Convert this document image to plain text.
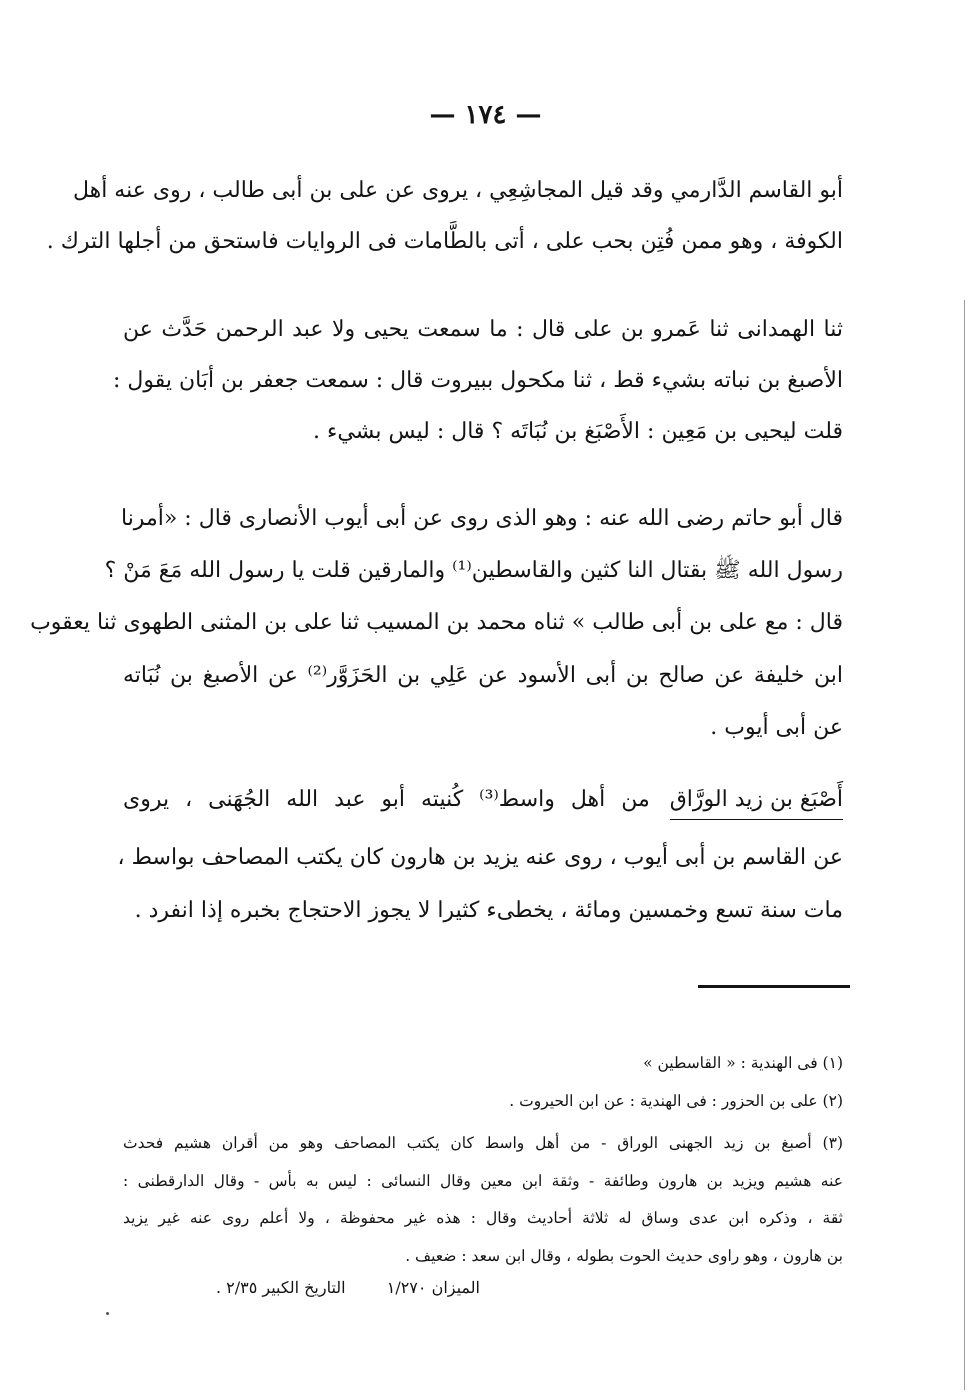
— ١٧٤ —
أبو القاسم الدَّارمي وقد قيل المجاشِعِي ، يروى عن على بن أبى طالب ، روى عنه أهل
الكوفة ، وهو ممن فُتِن بحب على ، أتى بالطَّامات فى الروايات فاستحق من أجلها الترك .
ثنا الهمدانى ثنا عَمرو بن على قال : ما سمعت يحيى ولا عبد الرحمن حَدَّث عن
الأصبغ بن نباته بشيء قط ، ثنا مكحول ببيروت قال : سمعت جعفر بن أبَان يقول :
قلت ليحيى بن مَعِين : الأَصْبَغ بن نُبَاتَه ؟ قال : ليس بشيء .
قال أبو حاتم رضى الله عنه : وهو الذى روى عن أبى أيوب الأنصارى قال : «أمرنا
رسول الله ﷺ بقتال النا كثين والقاسطين⁽¹⁾ والمارقين قلت يا رسول الله مَعَ مَنْ ؟
قال : مع على بن أبى طالب » ثناه محمد بن المسيب ثنا على بن المثنى الطهوى ثنا يعقوب
ابن خليفة عن صالح بن أبى الأسود عن عَلِي بن الحَزَوَّر⁽²⁾ عن الأصبغ بن نُبَاته
عن أبى أيوب .
أَصْبَغ بن زيد الورَّاق من أهل واسط⁽³⁾ كُنيته أبو عبد الله الجُهَنى ، يروى
عن القاسم بن أبى أيوب ، روى عنه يزيد بن هارون كان يكتب المصاحف بواسط ،
مات سنة تسع وخمسين ومائة ، يخطىء كثيرا لا يجوز الاحتجاج بخبره إذا انفرد .
(١) فى الهندية : « القاسطين »
(٢) على بن الحزور : فى الهندية : عن ابن الحيروت .
(٣) أصبغ بن زيد الجهنى الوراق - من أهل واسط كان يكتب المصاحف وهو من أقران هشيم فحدث
عنه هشيم ويزيد بن هارون وطائفة - وثقة ابن معين وقال النسائى : ليس به بأس - وقال الدارقطنى :
ثقة ، وذكره ابن عدى وساق له ثلاثة أحاديث وقال : هذه غير محفوظة ، ولا أعلم روى عنه غير يزيد
بن هارون ، وهو راوى حديث الحوت بطوله ، وقال ابن سعد : ضعيف .
الميزان ١/٢٧٠ التاريخ الكبير ٢/٣٥ .
